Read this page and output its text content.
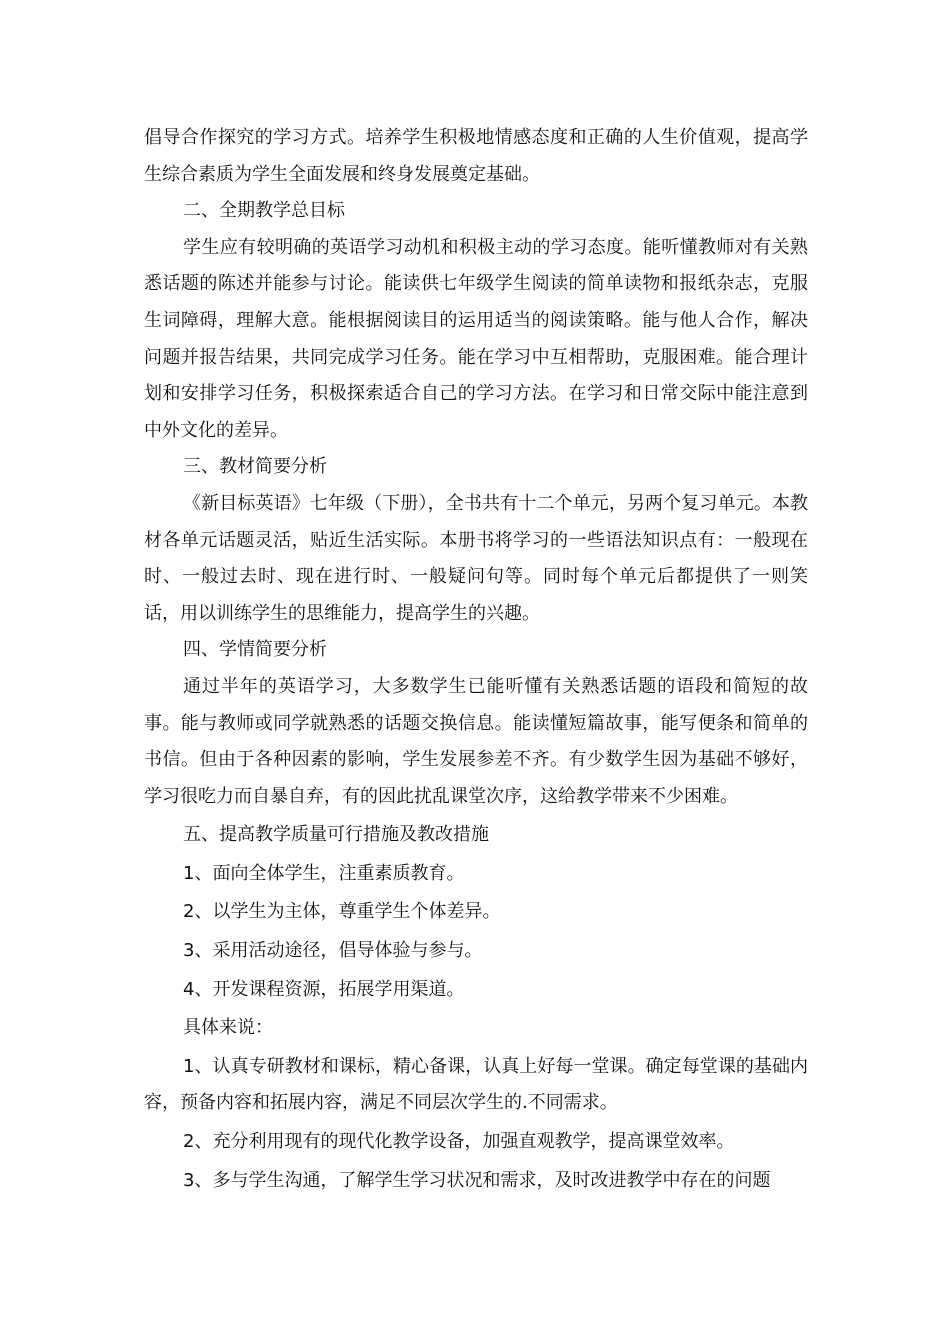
倡导合作探究的学习方式。培养学生积极地情感态度和正确的人生价值观，提高学生综合素质为学生全面发展和终身发展奠定基础。

二、全期教学总目标

学生应有较明确的英语学习动机和积极主动的学习态度。能听懂教师对有关熟悉话题的陈述并能参与讨论。能读供七年级学生阅读的简单读物和报纸杂志，克服生词障碍，理解大意。能根据阅读目的运用适当的阅读策略。能与他人合作，解决问题并报告结果，共同完成学习任务。能在学习中互相帮助，克服困难。能合理计划和安排学习任务，积极探索适合自己的学习方法。在学习和日常交际中能注意到中外文化的差异。

三、教材简要分析

《新目标英语》七年级（下册），全书共有十二个单元，另两个复习单元。本教材各单元话题灵活，贴近生活实际。本册书将学习的一些语法知识点有：一般现在时、一般过去时、现在进行时、一般疑问句等。同时每个单元后都提供了一则笑话，用以训练学生的思维能力，提高学生的兴趣。

四、学情简要分析

通过半年的英语学习，大多数学生已能听懂有关熟悉话题的语段和简短的故事。能与教师或同学就熟悉的话题交换信息。能读懂短篇故事，能写便条和简单的书信。但由于各种因素的影响，学生发展参差不齐。有少数学生因为基础不够好，学习很吃力而自暴自弃，有的因此扰乱课堂次序，这给教学带来不少困难。

五、提高教学质量可行措施及教改措施

1、面向全体学生，注重素质教育。

2、以学生为主体，尊重学生个体差异。

3、采用活动途径，倡导体验与参与。

4、开发课程资源，拓展学用渠道。

具体来说：

1、认真专研教材和课标，精心备课，认真上好每一堂课。确定每堂课的基础内容，预备内容和拓展内容，满足不同层次学生的.不同需求。

2、充分利用现有的现代化教学设备，加强直观教学，提高课堂效率。

3、多与学生沟通，了解学生学习状况和需求，及时改进教学中存在的问题
